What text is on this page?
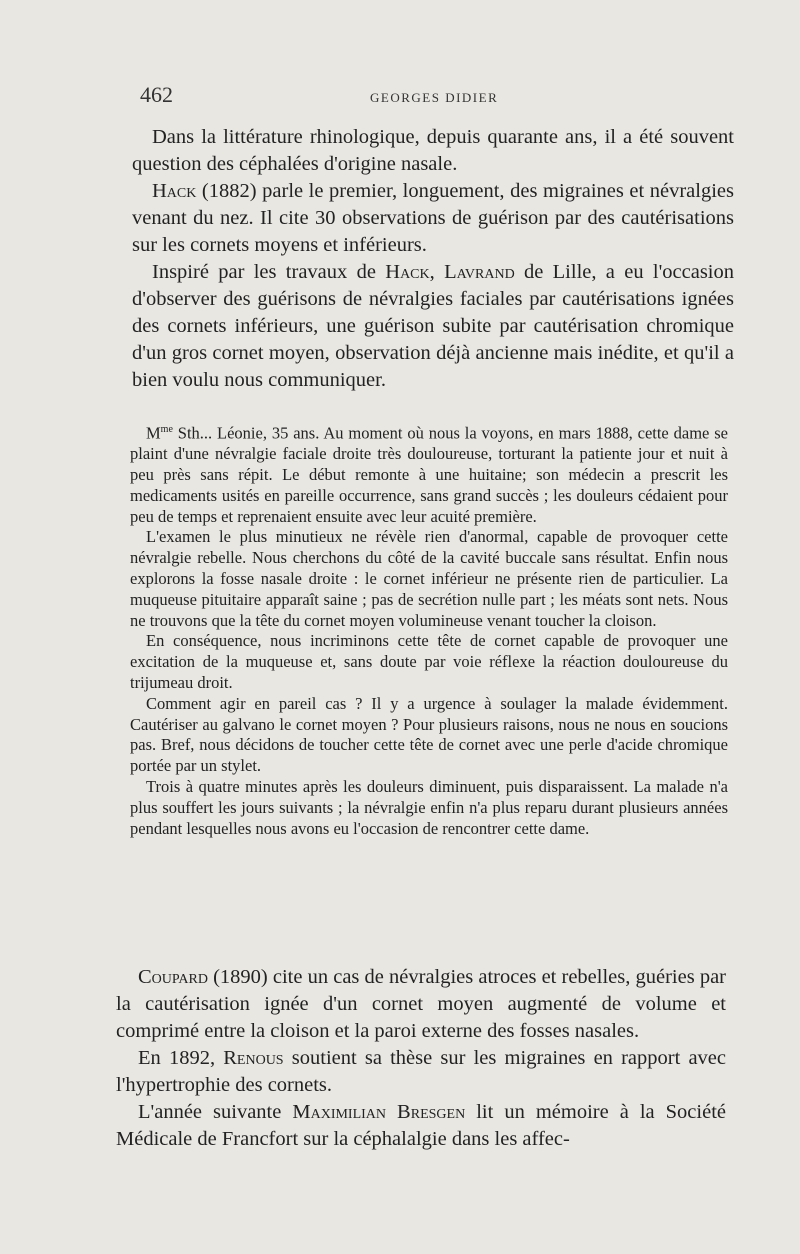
462	GEORGES DIDIER

Dans la littérature rhinologique, depuis quarante ans, il a été souvent question des céphalées d'origine nasale.

Hack (1882) parle le premier, longuement, des migraines et névralgies venant du nez. Il cite 30 observations de guérison par des cautérisations sur les cornets moyens et inférieurs.

Inspiré par les travaux de Hack, Lavrand de Lille, a eu l'occasion d'observer des guérisons de névralgies faciales par cautérisations ignées des cornets inférieurs, une guérison subite par cautérisation chromique d'un gros cornet moyen, observation déjà ancienne mais inédite, et qu'il a bien voulu nous communiquer.

$M^{me}$ Sth... Léonie, 35 ans. Au moment où nous la voyons, en mars 1888, cette dame se plaint d'une névralgie faciale droite très douloureuse, torturant la patiente jour et nuit à peu près sans répit. Le début remonte à une huitaine; son médecin a prescrit les medicaments usités en pareille occurrence, sans grand succès ; les douleurs cédaient pour peu de temps et reprenaient ensuite avec leur acuité première.

L'examen le plus minutieux ne révèle rien d'anormal, capable de provoquer cette névralgie rebelle. Nous cherchons du côté de la cavité buccale sans résultat. Enfin nous explorons la fosse nasale droite : le cornet inférieur ne présente rien de particulier. La muqueuse pituitaire apparaît saine ; pas de secrétion nulle part ; les méats sont nets. Nous ne trouvons que la tête du cornet moyen volumineuse venant toucher la cloison.

En conséquence, nous incriminons cette tête de cornet capable de provoquer une excitation de la muqueuse et, sans doute par voie réflexe la réaction douloureuse du trijumeau droit.

Comment agir en pareil cas ? Il y a urgence à soulager la malade évidemment. Cautériser au galvano le cornet moyen ? Pour plusieurs raisons, nous ne nous en soucions pas. Bref, nous décidons de toucher cette tête de cornet avec une perle d'acide chromique portée par un stylet.

Trois à quatre minutes après les douleurs diminuent, puis disparaissent. La malade n'a plus souffert les jours suivants ; la névralgie enfin n'a plus reparu durant plusieurs années pendant lesquelles nous avons eu l'occasion de rencontrer cette dame.

Coupard (1890) cite un cas de névralgies atroces et rebelles, guéries par la cautérisation ignée d'un cornet moyen augmenté de volume et comprimé entre la cloison et la paroi externe des fosses nasales.

En 1892, Renous soutient sa thèse sur les migraines en rapport avec l'hypertrophie des cornets.

L'année suivante Maximilian Bresgen lit un mémoire à la Société Médicale de Francfort sur la céphalalgie dans les affec-
